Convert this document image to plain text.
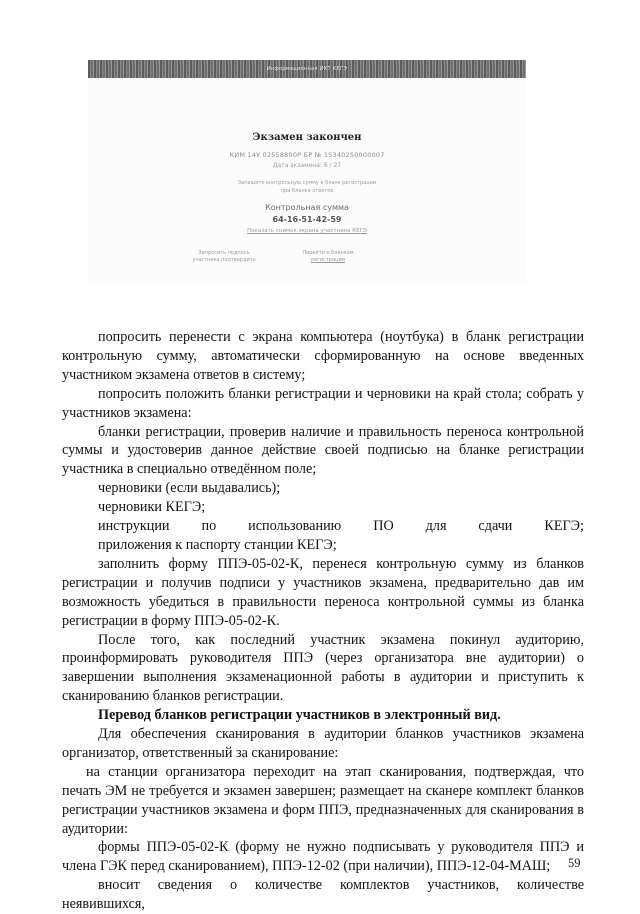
Информационная ИКТ КЕГЭ
Экзамен закончен
КИМ 14У 02558800Р БР № 15340250000007
Дата экзамена: 6 / 27
Запишите контрольную сумму в бланк регистрации
при бланке ответов
Контрольная сумма
64-16-51-42-59
Показать снимок экрана участника КЕГЭ
Запросить подпись
участника подтвердить
Перейти к бланкам
регистрации

попросить перенести с экрана компьютера (ноутбука) в бланк регистрации контрольную сумму, автоматически сформированную на основе введенных участником экзамена ответов в систему;

попросить положить бланки регистрации и черновики на край стола; собрать у участников экзамена:

бланки регистрации, проверив наличие и правильность переноса контрольной суммы и удостоверив данное действие своей подписью на бланке регистрации участника в специально отведённом поле;

черновики (если выдавались);

черновики КЕГЭ;

инструкции по использованию ПО для сдачи КЕГЭ;

приложения к паспорту станции КЕГЭ;

заполнить форму ППЭ-05-02-К, перенеся контрольную сумму из бланков регистрации и получив подписи у участников экзамена, предварительно дав им возможность убедиться в правильности переноса контрольной суммы из бланка регистрации в форму ППЭ-05-02-К.

После того, как последний участник экзамена покинул аудиторию, проинформировать руководителя ППЭ (через организатора вне аудитории) о завершении выполнения экзаменационной работы в аудитории и приступить к сканированию бланков регистрации.

Перевод бланков регистрации участников в электронный вид.

Для обеспечения сканирования в аудитории бланков участников экзамена организатор, ответственный за сканирование:

на станции организатора переходит на этап сканирования, подтверждая, что печать ЭМ не требуется и экзамен завершен; размещает на сканере комплект бланков регистрации участников экзамена и форм ППЭ, предназначенных для сканирования в аудитории:

формы ППЭ-05-02-К (форму не нужно подписывать у руководителя ППЭ и члена ГЭК перед сканированием), ППЭ-12-02 (при наличии), ППЭ-12-04-МАШ;

вносит сведения о количестве комплектов участников, количестве неявившихся,

59
